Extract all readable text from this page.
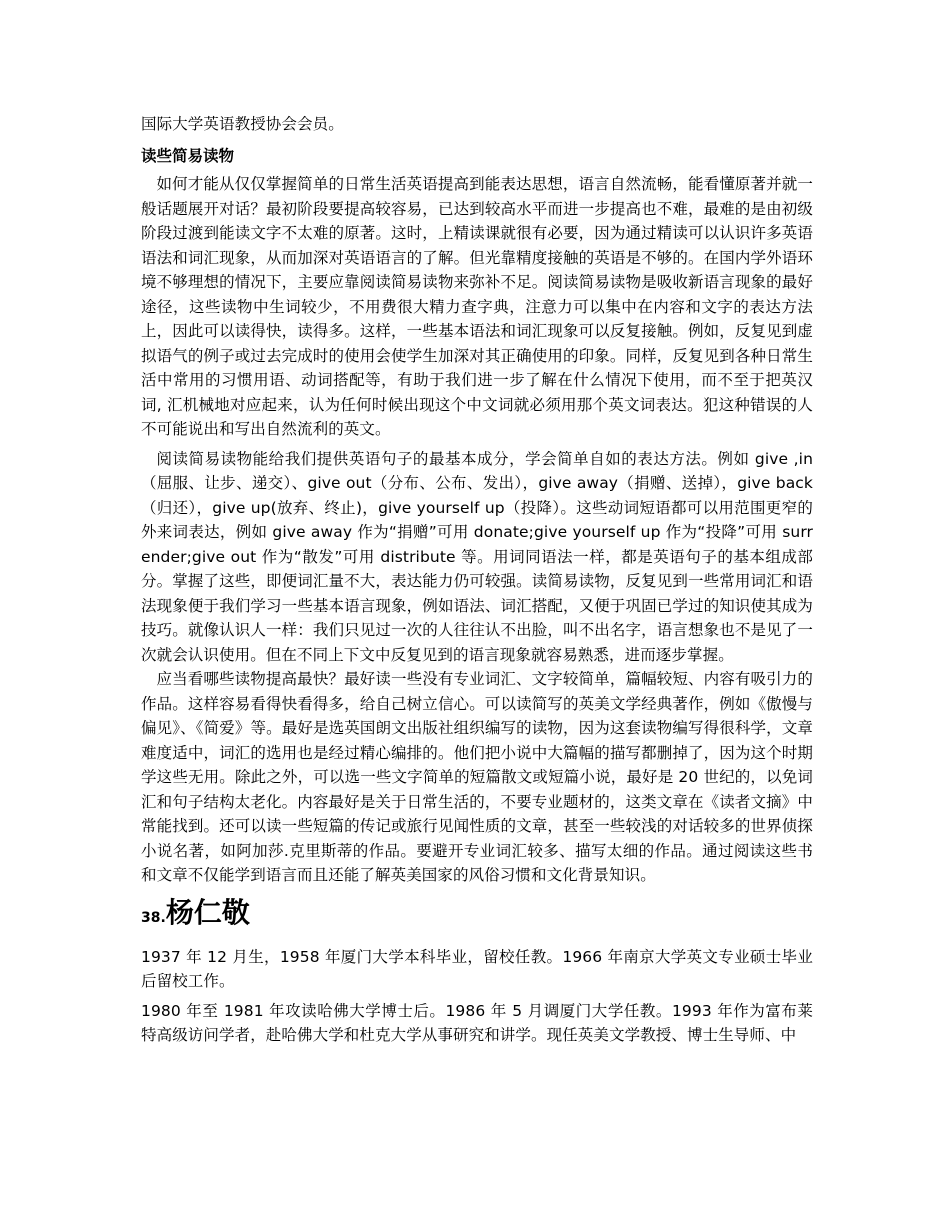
国际大学英语教授协会会员。

读些简易读物

如何才能从仅仅掌握简单的日常生活英语提高到能表达思想，语言自然流畅，能看懂原著并就一般话题展开对话？最初阶段要提高较容易，已达到较高水平而进一步提高也不难，最难的是由初级阶段过渡到能读文字不太难的原著。这时，上精读课就很有必要，因为通过精读可以认识许多英语语法和词汇现象，从而加深对英语语言的了解。但光靠精度接触的英语是不够的。在国内学外语环境不够理想的情况下，主要应靠阅读简易读物来弥补不足。阅读简易读物是吸收新语言现象的最好途径，这些读物中生词较少，不用费很大精力查字典，注意力可以集中在内容和文字的表达方法上，因此可以读得快，读得多。这样，一些基本语法和词汇现象可以反复接触。例如，反复见到虚拟语气的例子或过去完成时的使用会使学生加深对其正确使用的印象。同样，反复见到各种日常生活中常用的习惯用语、动词搭配等，有助于我们进一步了解在什么情况下使用，而不至于把英汉词, 汇机械地对应起来，认为任何时候出现这个中文词就必须用那个英文词表达。犯这种错误的人不可能说出和写出自然流利的英文。

阅读简易读物能给我们提供英语句子的最基本成分，学会简单自如的表达方法。例如 give ,in（屈服、让步、递交）、give out（分布、公布、发出），give away（捐赠、送掉），give back（归还），give up(放弃、终止)，give yourself up（投降）。这些动词短语都可以用范围更窄的外来词表达，例如 give away 作为“捐赠”可用 donate;give yourself up 作为“投降”可用 surrender;give out 作为“散发”可用 distribute 等。用词同语法一样，都是英语句子的基本组成部分。掌握了这些，即便词汇量不大，表达能力仍可较强。读简易读物，反复见到一些常用词汇和语法现象便于我们学习一些基本语言现象，例如语法、词汇搭配，又便于巩固已学过的知识使其成为技巧。就像认识人一样：我们只见过一次的人往往认不出脸，叫不出名字，语言想象也不是见了一次就会认识使用。但在不同上下文中反复见到的语言现象就容易熟悉，进而逐步掌握。

应当看哪些读物提高最快？最好读一些没有专业词汇、文字较简单，篇幅较短、内容有吸引力的作品。这样容易看得快看得多，给自己树立信心。可以读简写的英美文学经典著作，例如《傲慢与偏见》、《简爱》等。最好是选英国朗文出版社组织编写的读物，因为这套读物编写得很科学，文章难度适中，词汇的选用也是经过精心编排的。他们把小说中大篇幅的描写都删掉了，因为这个时期学这些无用。除此之外，可以选一些文字简单的短篇散文或短篇小说，最好是 20 世纪的，以免词汇和句子结构太老化。内容最好是关于日常生活的，不要专业题材的，这类文章在《读者文摘》中常能找到。还可以读一些短篇的传记或旅行见闻性质的文章，甚至一些较浅的对话较多的世界侦探小说名著，如阿加莎.克里斯蒂的作品。要避开专业词汇较多、描写太细的作品。通过阅读这些书和文章不仅能学到语言而且还能了解英美国家的风俗习惯和文化背景知识。

38.杨仁敬

1937 年 12 月生，1958 年厦门大学本科毕业，留校任教。1966 年南京大学英文专业硕士毕业后留校工作。

1980 年至 1981 年攻读哈佛大学博士后。1986 年 5 月调厦门大学任教。1993 年作为富布莱特高级访问学者，赴哈佛大学和杜克大学从事研究和讲学。现任英美文学教授、博士生导师、中
